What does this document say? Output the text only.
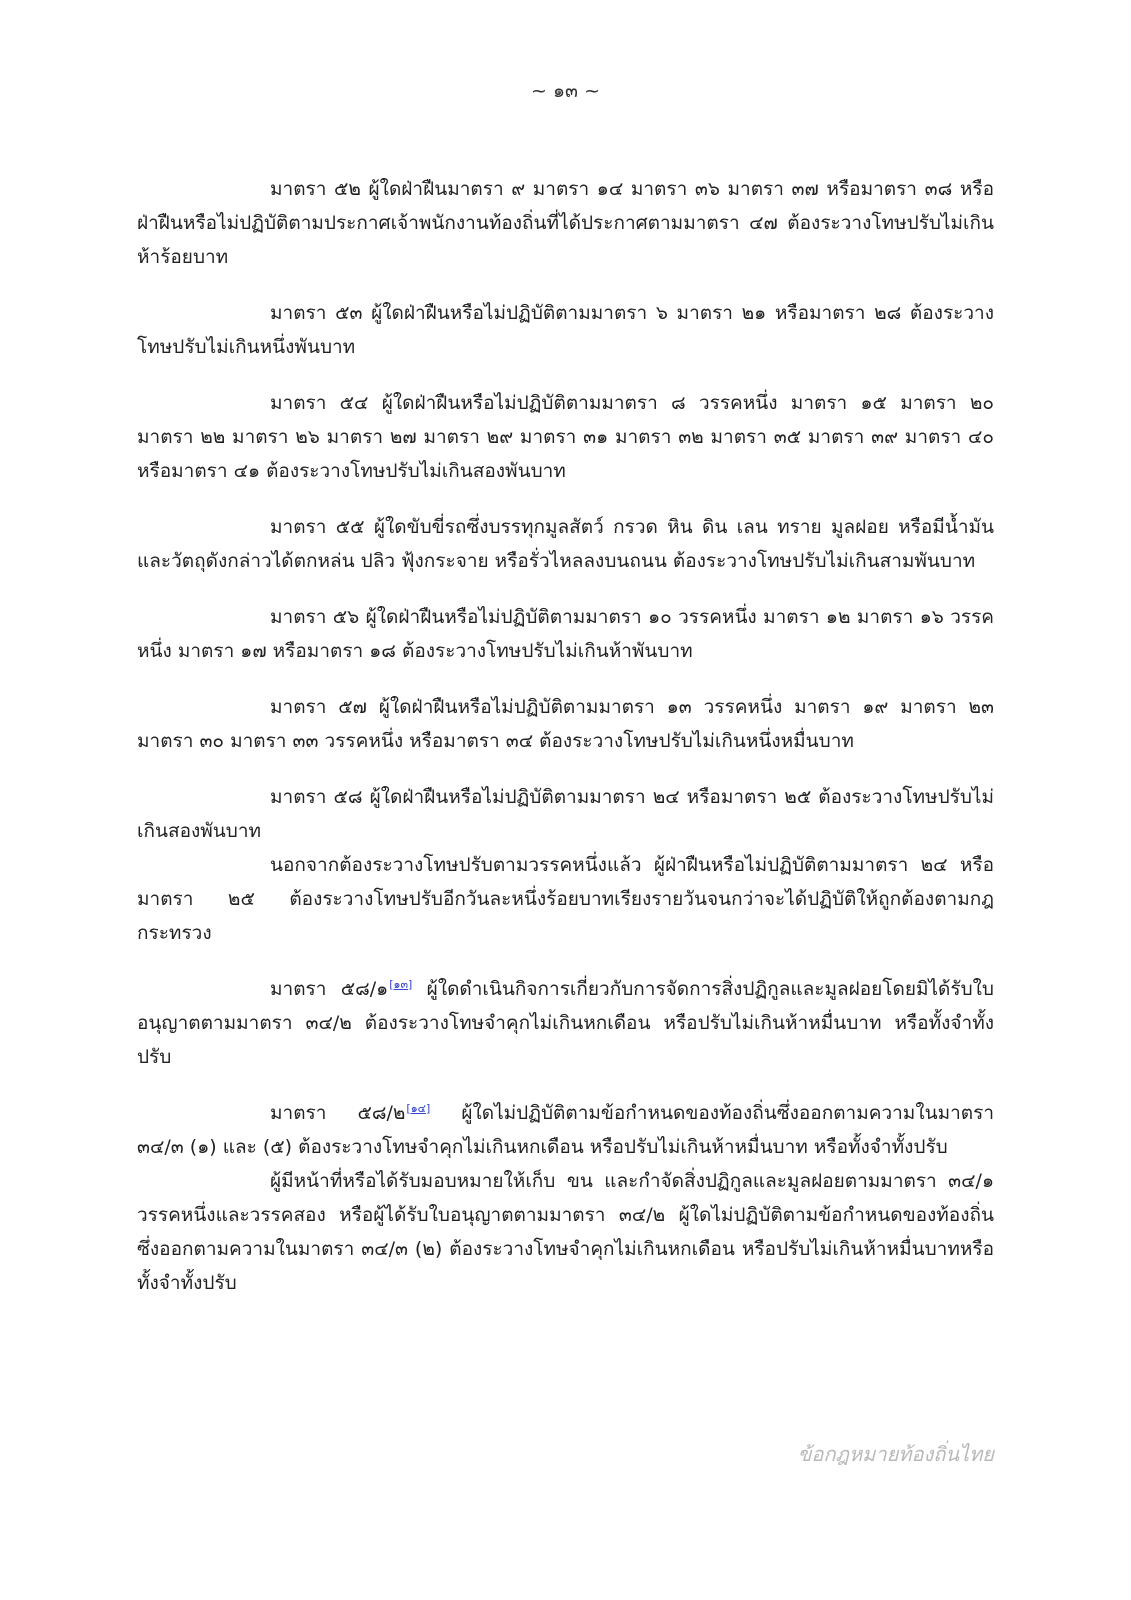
~ ๑๓ ~

มาตรา ๕๒ ผู้ใดฝ่าฝืนมาตรา ๙ มาตรา ๑๔ มาตรา ๓๖ มาตรา ๓๗ หรือมาตรา ๓๘ หรือฝ่าฝืนหรือไม่ปฏิบัติตามประกาศเจ้าพนักงานท้องถิ่นที่ได้ประกาศตามมาตรา ๔๗ ต้องระวางโทษปรับไม่เกินห้าร้อยบาท

มาตรา ๕๓ ผู้ใดฝ่าฝืนหรือไม่ปฏิบัติตามมาตรา ๖ มาตรา ๒๑ หรือมาตรา ๒๘ ต้องระวางโทษปรับไม่เกินหนึ่งพันบาท

มาตรา ๕๔ ผู้ใดฝ่าฝืนหรือไม่ปฏิบัติตามมาตรา ๘ วรรคหนึ่ง มาตรา ๑๕ มาตรา ๒๐ มาตรา ๒๒ มาตรา ๒๖ มาตรา ๒๗ มาตรา ๒๙ มาตรา ๓๑ มาตรา ๓๒ มาตรา ๓๕ มาตรา ๓๙ มาตรา ๔๐ หรือมาตรา ๔๑ ต้องระวางโทษปรับไม่เกินสองพันบาท

มาตรา ๕๕ ผู้ใดขับขี่รถซึ่งบรรทุกมูลสัตว์ กรวด หิน ดิน เลน ทราย มูลฝอย หรือมีน้ำมันและวัตถุดังกล่าวได้ตกหล่น ปลิว ฟุ้งกระจาย หรือรั่วไหลลงบนถนน ต้องระวางโทษปรับไม่เกินสามพันบาท

มาตรา ๕๖ ผู้ใดฝ่าฝืนหรือไม่ปฏิบัติตามมาตรา ๑๐ วรรคหนึ่ง มาตรา ๑๒ มาตรา ๑๖ วรรคหนึ่ง มาตรา ๑๗ หรือมาตรา ๑๘ ต้องระวางโทษปรับไม่เกินห้าพันบาท

มาตรา ๕๗ ผู้ใดฝ่าฝืนหรือไม่ปฏิบัติตามมาตรา ๑๓ วรรคหนึ่ง มาตรา ๑๙ มาตรา ๒๓ มาตรา ๓๐ มาตรา ๓๓ วรรคหนึ่ง หรือมาตรา ๓๔ ต้องระวางโทษปรับไม่เกินหนึ่งหมื่นบาท

มาตรา ๕๘ ผู้ใดฝ่าฝืนหรือไม่ปฏิบัติตามมาตรา ๒๔ หรือมาตรา ๒๕ ต้องระวางโทษปรับไม่เกินสองพันบาท

นอกจากต้องระวางโทษปรับตามวรรคหนึ่งแล้ว ผู้ฝ่าฝืนหรือไม่ปฏิบัติตามมาตรา ๒๔ หรือมาตรา ๒๕ ต้องระวางโทษปรับอีกวันละหนึ่งร้อยบาทเรียงรายวันจนกว่าจะได้ปฏิบัติให้ถูกต้องตามกฎกระทรวง

มาตรา ๕๘/๑[๑๓] ผู้ใดดำเนินกิจการเกี่ยวกับการจัดการสิ่งปฏิกูลและมูลฝอยโดยมิได้รับใบอนุญาตตามมาตรา ๓๔/๒ ต้องระวางโทษจำคุกไม่เกินหกเดือน หรือปรับไม่เกินห้าหมื่นบาท หรือทั้งจำทั้งปรับ

มาตรา ๕๘/๒[๑๔] ผู้ใดไม่ปฏิบัติตามข้อกำหนดของท้องถิ่นซึ่งออกตามความในมาตรา ๓๔/๓ (๑) และ (๕) ต้องระวางโทษจำคุกไม่เกินหกเดือน หรือปรับไม่เกินห้าหมื่นบาท หรือทั้งจำทั้งปรับ

ผู้มีหน้าที่หรือได้รับมอบหมายให้เก็บ ขน และกำจัดสิ่งปฏิกูลและมูลฝอยตามมาตรา ๓๔/๑ วรรคหนึ่งและวรรคสอง หรือผู้ได้รับใบอนุญาตตามมาตรา ๓๔/๒ ผู้ใดไม่ปฏิบัติตามข้อกำหนดของท้องถิ่น ซึ่งออกตามความในมาตรา ๓๔/๓ (๒) ต้องระวางโทษจำคุกไม่เกินหกเดือน หรือปรับไม่เกินห้าหมื่นบาทหรือทั้งจำทั้งปรับ

ข้อกฎหมายท้องถิ่นไทย
